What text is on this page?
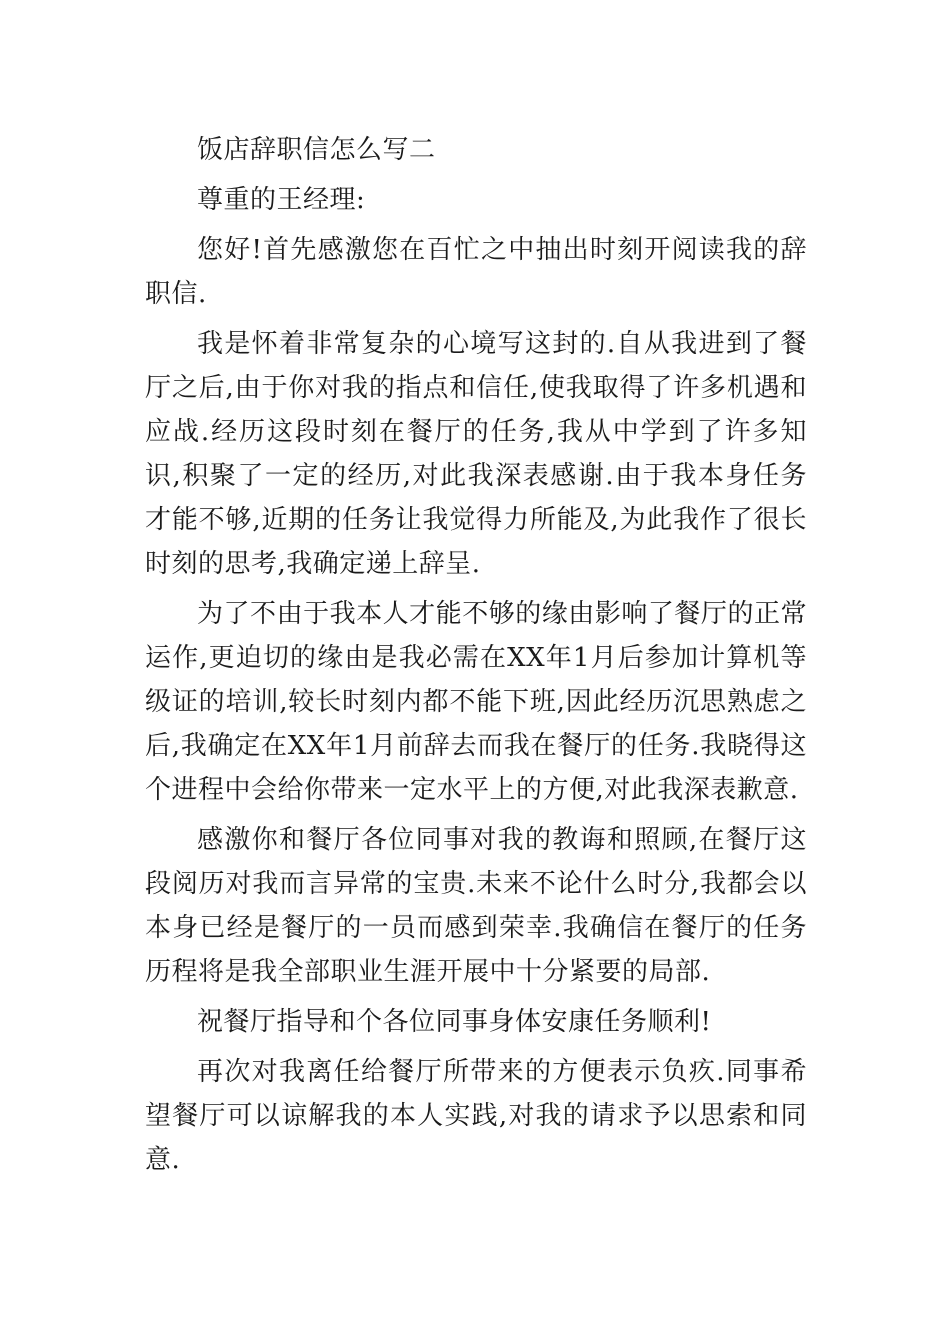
饭店辞职信怎么写二

尊重的王经理:

您好!首先感激您在百忙之中抽出时刻开阅读我的辞职信.

我是怀着非常复杂的心境写这封的.自从我进到了餐厅之后,由于你对我的指点和信任,使我取得了许多机遇和应战.经历这段时刻在餐厅的任务,我从中学到了许多知识,积聚了一定的经历,对此我深表感谢.由于我本身任务才能不够,近期的任务让我觉得力所能及,为此我作了很长时刻的思考,我确定递上辞呈.

为了不由于我本人才能不够的缘由影响了餐厅的正常运作,更迫切的缘由是我必需在XX年1月后参加计算机等级证的培训,较长时刻内都不能下班,因此经历沉思熟虑之后,我确定在XX年1月前辞去而我在餐厅的任务.我晓得这个进程中会给你带来一定水平上的方便,对此我深表歉意.

感激你和餐厅各位同事对我的教诲和照顾,在餐厅这段阅历对我而言异常的宝贵.未来不论什么时分,我都会以本身已经是餐厅的一员而感到荣幸.我确信在餐厅的任务历程将是我全部职业生涯开展中十分紧要的局部.

祝餐厅指导和个各位同事身体安康任务顺利!

再次对我离任给餐厅所带来的方便表示负疚.同事希望餐厅可以谅解我的本人实践,对我的请求予以思索和同意.
